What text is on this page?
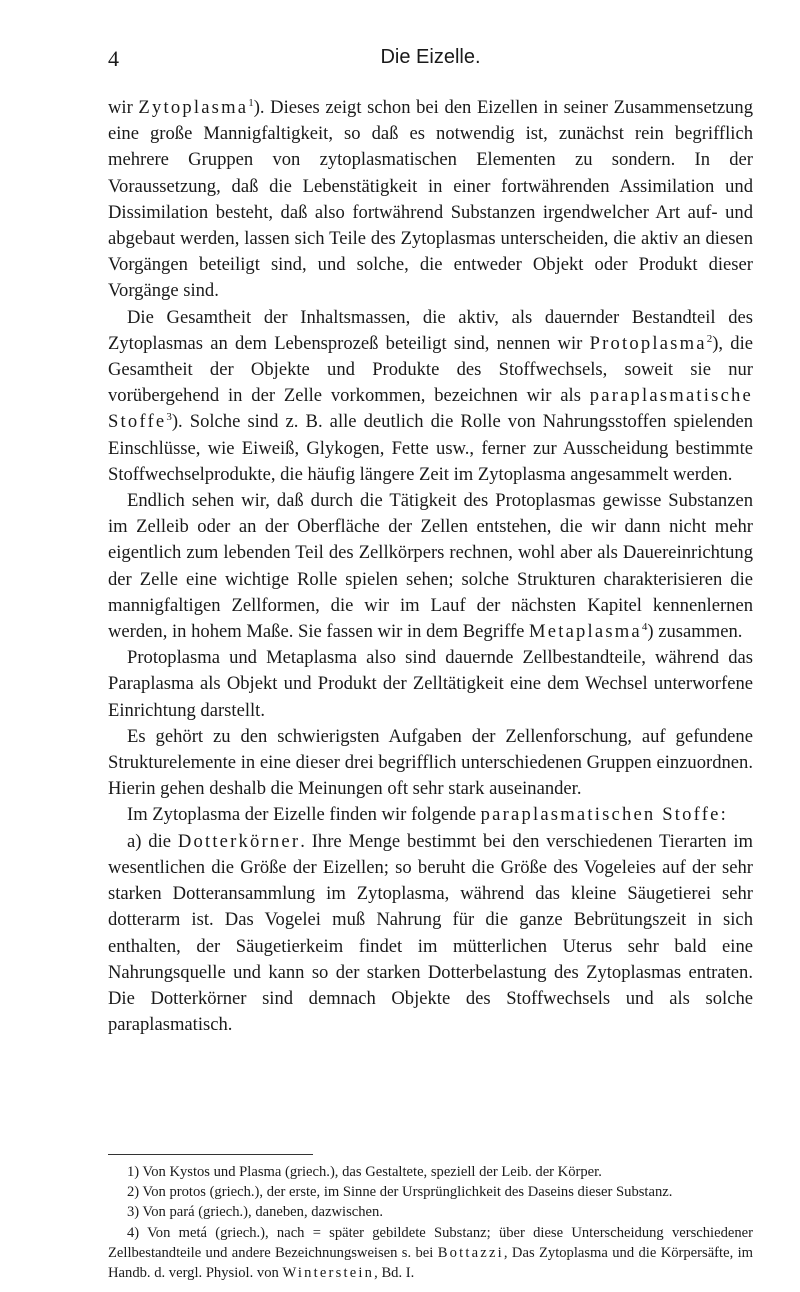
4	Die Eizelle.

wir Zytoplasma$^1$). Dieses zeigt schon bei den Eizellen in seiner Zusammensetzung eine große Mannigfaltigkeit, so daß es notwendig ist, zunächst rein begrifflich mehrere Gruppen von zytoplasmatischen Elementen zu sondern. In der Voraussetzung, daß die Lebenstätigkeit in einer fortwährenden Assimilation und Dissimilation besteht, daß also fortwährend Substanzen irgendwelcher Art auf- und abgebaut werden, lassen sich Teile des Zytoplasmas unterscheiden, die aktiv an diesen Vorgängen beteiligt sind, und solche, die entweder Objekt oder Produkt dieser Vorgänge sind.

Die Gesamtheit der Inhaltsmassen, die aktiv, als dauernder Bestandteil des Zytoplasmas an dem Lebensprozeß beteiligt sind, nennen wir Protoplasma$^2$), die Gesamtheit der Objekte und Produkte des Stoffwechsels, soweit sie nur vorübergehend in der Zelle vorkommen, bezeichnen wir als paraplasmatische Stoffe$^3$). Solche sind z. B. alle deutlich die Rolle von Nahrungsstoffen spielenden Einschlüsse, wie Eiweiß, Glykogen, Fette usw., ferner zur Ausscheidung bestimmte Stoffwechselprodukte, die häufig längere Zeit im Zytoplasma angesammelt werden.

Endlich sehen wir, daß durch die Tätigkeit des Protoplasmas gewisse Substanzen im Zelleib oder an der Oberfläche der Zellen entstehen, die wir dann nicht mehr eigentlich zum lebenden Teil des Zellkörpers rechnen, wohl aber als Dauereinrichtung der Zelle eine wichtige Rolle spielen sehen; solche Strukturen charakterisieren die mannigfaltigen Zellformen, die wir im Lauf der nächsten Kapitel kennenlernen werden, in hohem Maße. Sie fassen wir in dem Begriffe Metaplasma$^4$) zusammen.

Protoplasma und Metaplasma also sind dauernde Zellbestandteile, während das Paraplasma als Objekt und Produkt der Zelltätigkeit eine dem Wechsel unterworfene Einrichtung darstellt.

Es gehört zu den schwierigsten Aufgaben der Zellenforschung, auf gefundene Strukturelemente in eine dieser drei begrifflich unterschiedenen Gruppen einzuordnen. Hierin gehen deshalb die Meinungen oft sehr stark auseinander.

Im Zytoplasma der Eizelle finden wir folgende paraplasmatischen Stoffe:

a) die Dotterkörner. Ihre Menge bestimmt bei den verschiedenen Tierarten im wesentlichen die Größe der Eizellen; so beruht die Größe des Vogeleies auf der sehr starken Dotteransammlung im Zytoplasma, während das kleine Säugetierei sehr dotterarm ist. Das Vogelei muß Nahrung für die ganze Bebrütungszeit in sich enthalten, der Säugetierkeim findet im mütterlichen Uterus sehr bald eine Nahrungsquelle und kann so der starken Dotterbelastung des Zytoplasmas entraten. Die Dotterkörner sind demnach Objekte des Stoffwechsels und als solche paraplasmatisch.

1) Von Kystos und Plasma (griech.), das Gestaltete, speziell der Leib. der Körper.

2) Von protos (griech.), der erste, im Sinne der Ursprünglichkeit des Daseins dieser Substanz.

3) Von pará (griech.), daneben, dazwischen.

4) Von metá (griech.), nach = später gebildete Substanz; über diese Unterscheidung verschiedener Zellbestandteile und andere Bezeichnungsweisen s. bei Bottazzi, Das Zytoplasma und die Körpersäfte, im Handb. d. vergl. Physiol. von Winterstein, Bd. I.
